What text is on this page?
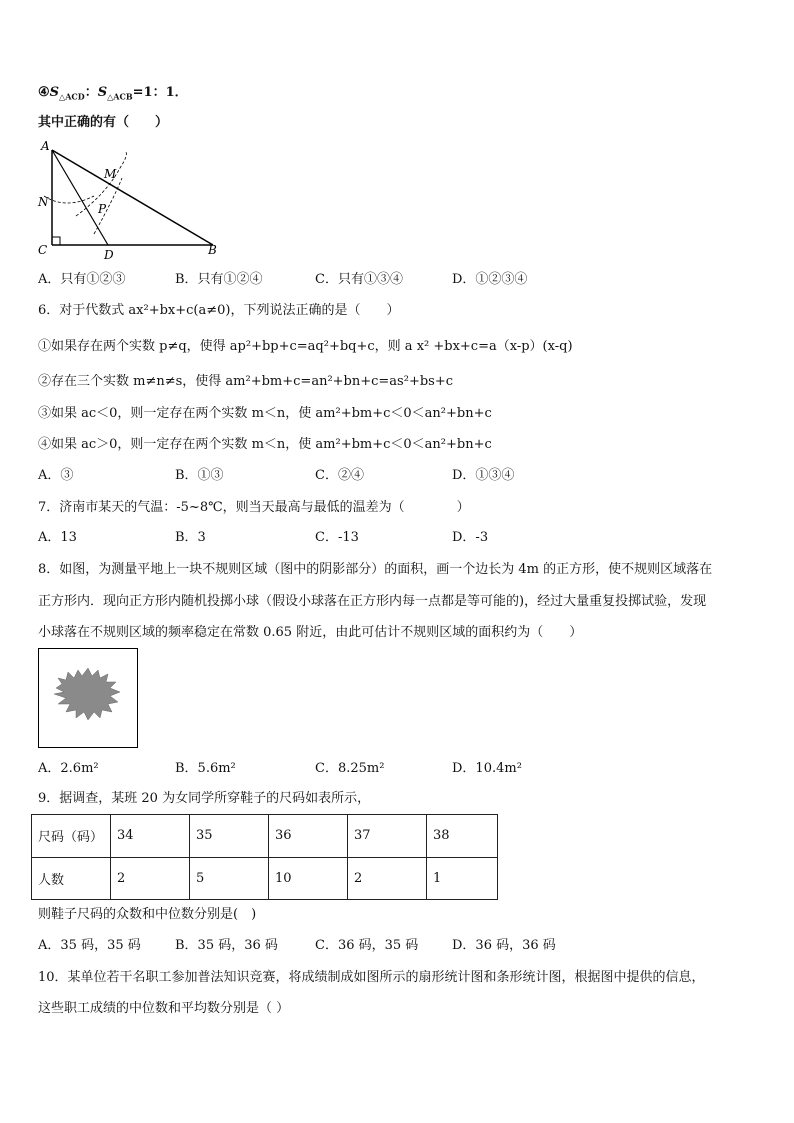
$④S_{\triangle ACD}$：$S_{\triangle ACB}=1$：1．
其中正确的有（　　）
A
M
N	P
C	D	B
A．只有①②③	B．只有①②④	C．只有①③④	D．①②③④
6．对于代数式 ax²+bx+c(a≠0)，下列说法正确的是（　　）
①如果存在两个实数 p≠q，使得 ap²+bp+c=aq²+bq+c，则 a x² +bx+c=a（x-p）(x-q)
②存在三个实数 m≠n≠s，使得 am²+bm+c=an²+bn+c=as²+bs+c
③如果 ac＜0，则一定存在两个实数 m＜n，使 am²+bm+c＜0＜an²+bn+c
④如果 ac＞0，则一定存在两个实数 m＜n，使 am²+bm+c＜0＜an²+bn+c
A．③	B．①③	C．②④	D．①③④
7．济南市某天的气温：-5~8℃，则当天最高与最低的温差为（　　　　）
A．13	B．3	C．-13	D．-3
8．如图，为测量平地上一块不规则区域（图中的阴影部分）的面积，画一个边长为 4m 的正方形，使不规则区域落在
正方形内．现向正方形内随机投掷小球（假设小球落在正方形内每一点都是等可能的)，经过大量重复投掷试验，发现
小球落在不规则区域的频率稳定在常数 0.65 附近，由此可估计不规则区域的面积约为（　　）
A．2.6m²	B．5.6m²	C．8.25m²	D．10.4m²
9．据调查，某班 20 为女同学所穿鞋子的尺码如表所示，
尺码（码）	34	35	36	37	38
人数	2	5	10	2	1
则鞋子尺码的众数和中位数分别是(　)
A．35 码，35 码	B．35 码，36 码	C．36 码，35 码	D．36 码，36 码
10．某单位若干名职工参加普法知识竞赛，将成绩制成如图所示的扇形统计图和条形统计图，根据图中提供的信息，
这些职工成绩的中位数和平均数分别是（ ）
